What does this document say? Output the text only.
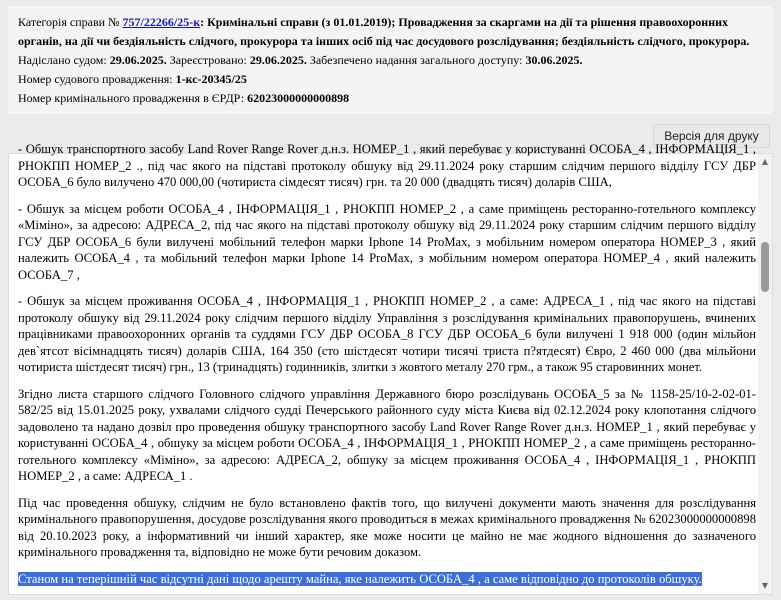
Категорія справи № 757/22266/25-к: Кримінальні справи (з 01.01.2019); Провадження за скаргами на дії та рішення правоохоронних органів, на дії чи бездіяльність слідчого, прокурора та інших осіб під час досудового розслідування; бездіяльність слідчого, прокурора.

Надіслано судом: 29.06.2025. Зареєстровано: 29.06.2025. Забезпечено надання загального доступу: 30.06.2025.

Номер судового провадження: 1-кс-20345/25

Номер кримінального провадження в ЄРДР: 62023000000000898

Версія для друку

- Обшук транспортного засобу Land Rover Range Rover д.н.з. НОМЕР_1 , який перебуває у користуванні ОСОБА_4 , ІНФОРМАЦІЯ_1 , РНОКПП НОМЕР_2 ., під час якого на підставі протоколу обшуку від 29.11.2024 року старшим слідчим першого відділу ГСУ ДБР ОСОБА_6 було вилучено 470 000,00 (чотириста сімдесят тисяч) грн. та 20 000 (двадцять тисяч) доларів США,

- Обшук за місцем роботи ОСОБА_4 , ІНФОРМАЦІЯ_1 , РНОКПП НОМЕР_2 , а саме приміщень ресторанно-готельного комплексу «Міміно», за адресою: АДРЕСА_2, під час якого на підставі протоколу обшуку від 29.11.2024 року старшим слідчим першого відділу ГСУ ДБР ОСОБА_6 були вилучені мобільний телефон марки Iphone 14 ProMax, з мобільним номером оператора НОМЕР_3 , який належить ОСОБА_4 , та мобільний телефон марки Iphone 14 ProMax, з мобільним номером оператора НОМЕР_4 , який належить ОСОБА_7 ,

- Обшук за місцем проживання ОСОБА_4 , ІНФОРМАЦІЯ_1 , РНОКПП НОМЕР_2 , а саме: АДРЕСА_1 , під час якого на підставі протоколу обшуку від 29.11.2024 року слідчим першого відділу Управління з розслідування кримінальних правопорушень, вчинених працівниками правоохоронних органів та суддями ГСУ ДБР ОСОБА_8 ГСУ ДБР ОСОБА_6 були вилучені 1 918 000 (один мільйон дев`ятсот вісімнадцять тисяч) доларів США, 164 350 (сто шістдесят чотири тисячі триста п?ятдесят) Євро, 2 460 000 (два мільйони чотириста шістдесят тисяч) грн., 13 (тринадцять) годинників, злитки з жовтого металу 270 грм., а також 95 старовинних монет.

Згідно листа старшого слідчого Головного слідчого управління Державного бюро розслідувань ОСОБА_5 за № 1158-25/10-2-02-01-582/25 від 15.01.2025 року, ухвалами слідчого судді Печерського районного суду міста Києва від 02.12.2024 року клопотання слідчого задоволено та надано дозвіл про проведення обшуку транспортного засобу Land Rover Range Rover д.н.з. НОМЕР_1 , який перебуває у користуванні ОСОБА_4 , обшуку за місцем роботи ОСОБА_4 , ІНФОРМАЦІЯ_1 , РНОКПП НОМЕР_2 , а саме приміщень ресторанно-готельного комплексу «Міміно», за адресою: АДРЕСА_2, обшуку за місцем проживання ОСОБА_4 , ІНФОРМАЦІЯ_1 , РНОКПП НОМЕР_2 , а саме: АДРЕСА_1 .

Під час проведення обшуку, слідчим не було встановлено фактів того, що вилучені документи мають значення для розслідування кримінального правопорушення, досудове розслідування якого проводиться в межах кримінального провадження № 62023000000000898 від 20.10.2023 року, а інформативний чи інший характер, яке може носити це майно не має жодного відношення до зазначеного кримінального провадження та, відповідно не може бути речовим доказом.

Станом на теперішній час відсутні дані щодо арешту майна, яке належить ОСОБА_4 , а саме відповідно до протоколів обшуку.

▲
▼
